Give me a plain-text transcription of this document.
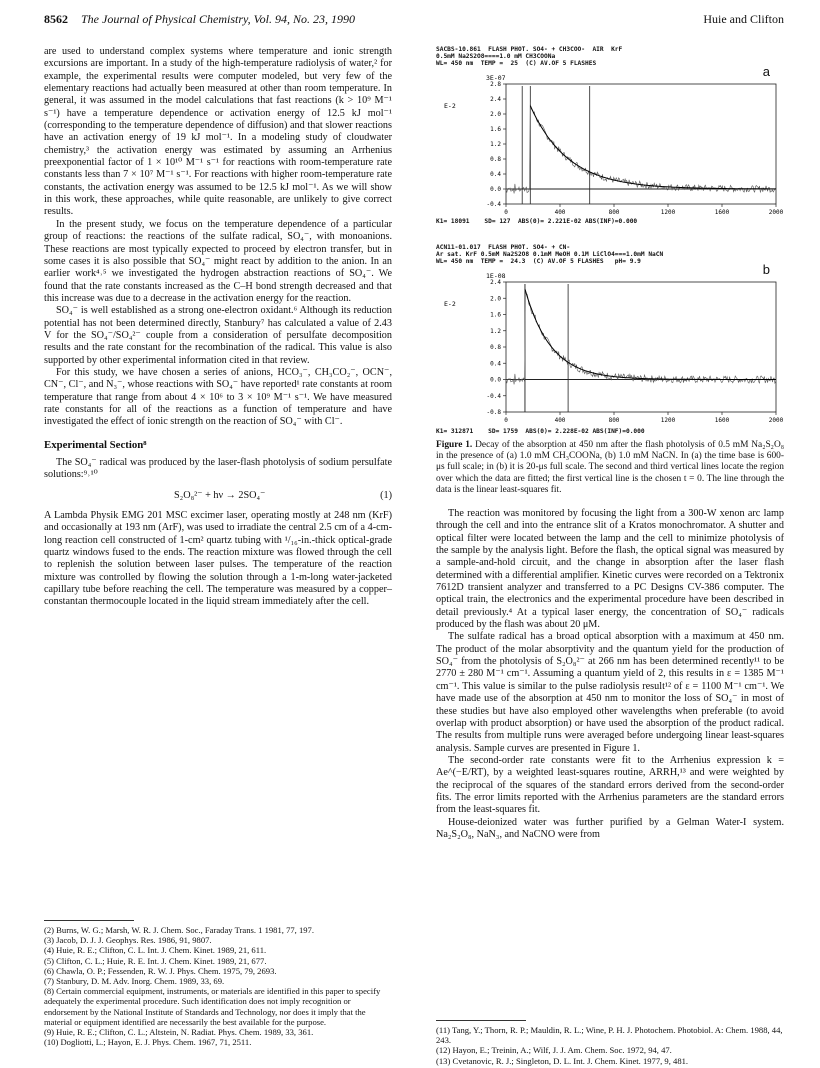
8562 The Journal of Physical Chemistry, Vol. 94, No. 23, 1990	Huie and Clifton

are used to understand complex systems where temperature and ionic strength excursions are important. In a study of the high-temperature radiolysis of water,² for example, the experimental results were computer modeled, but very few of the elementary reactions had actually been measured at other than room temperature. In general, it was assumed in the model calculations that fast reactions (k > 10⁹ M⁻¹ s⁻¹) have a temperature dependence or activation energy of 12.5 kJ mol⁻¹ (corresponding to the temperature dependence of diffusion) and that slower reactions have an activation energy of 19 kJ mol⁻¹. In a modeling study of cloudwater chemistry,³ the activation energy was estimated by assuming an Arrhenius preexponential factor of 1 × 10¹⁰ M⁻¹ s⁻¹ for reactions with room-temperature rate constants less than 7 × 10⁷ M⁻¹ s⁻¹. For reactions with higher room-temperature rate constants, the activation energy was assumed to be 12.5 kJ mol⁻¹. As we will show in this work, these approaches, while quite reasonable, are unlikely to give correct results.

In the present study, we focus on the temperature dependence of a particular group of reactions: the reactions of the sulfate radical, SO₄⁻, with monoanions. These reactions are most typically expected to proceed by electron transfer, but in some cases it is also possible that SO₄⁻ might react by addition to the anion. In an earlier work⁴˒⁵ we investigated the hydrogen abstraction reactions of SO₄⁻. We found that the rate constants increased as the C–H bond strength decreased and that this increase was due to a decrease in the activation energy for the reaction.

SO₄⁻ is well established as a strong one-electron oxidant.⁶ Although its reduction potential has not been determined directly, Stanbury⁷ has calculated a value of 2.43 V for the SO₄⁻/SO₄²⁻ couple from a consideration of persulfate decomposition results and the rate constant for the recombination of the radical. This value is also supported by other experimental information cited in that review.

For this study, we have chosen a series of anions, HCO₃⁻, CH₃CO₂⁻, OCN⁻, CN⁻, Cl⁻, and N₃⁻, whose reactions with SO₄⁻ have reported¹ rate constants at room temperature that range from about 4 × 10⁶ to 3 × 10⁹ M⁻¹ s⁻¹. We have measured rate constants for all of the reactions as a function of temperature and have investigated the effect of ionic strength on the reaction of SO₄⁻ with Cl⁻.

Experimental Section⁸

The SO₄⁻ radical was produced by the laser-flash photolysis of sodium persulfate solutions:⁹˒¹⁰

S₂O₈²⁻ + hν → 2SO₄⁻	(1)

A Lambda Physik EMG 201 MSC excimer laser, operating mostly at 248 nm (KrF) and occasionally at 193 nm (ArF), was used to irradiate the central 2.5 cm of a 4-cm-long reaction cell constructed of 1-cm² quartz tubing with ¹/₁₆-in.-thick optical-grade quartz windows fused to the ends. The reaction mixture was flowed through the cell to replenish the solution between laser pulses. The temperature of the reaction mixture was controlled by flowing the solution through a 1-m-long water-jacketed capillary tube before reaching the cell. The temperature was measured by a copper–constantan thermocouple located in the liquid stream immediately after the cell.

(2) Burns, W. G.; Marsh, W. R. J. Chem. Soc., Faraday Trans. 1 1981, 77, 197.
(3) Jacob, D. J. J. Geophys. Res. 1986, 91, 9807.
(4) Huie, R. E.; Clifton, C. L. Int. J. Chem. Kinet. 1989, 21, 611.
(5) Clifton, C. L.; Huie, R. E. Int. J. Chem. Kinet. 1989, 21, 677.
(6) Chawla, O. P.; Fessenden, R. W. J. Phys. Chem. 1975, 79, 2693.
(7) Stanbury, D. M. Adv. Inorg. Chem. 1989, 33, 69.
(8) Certain commercial equipment, instruments, or materials are identified in this paper to specify adequately the experimental procedure. Such identification does not imply recognition or endorsement by the National Institute of Standards and Technology, nor does it imply that the material or equipment identified are necessarily the best available for the purpose.
(9) Huie, R. E.; Clifton, C. L.; Altstein, N. Radiat. Phys. Chem. 1989, 33, 361.
(10) Dogliotti, L.; Hayon, E. J. Phys. Chem. 1967, 71, 2511.
SACBS-10.861  FLASH PHOT. SO4- + CH3COO-  AIR  KrF
0.5mM Na2S2O8====1.0 mM CH3COONa
WL= 450 nm  TEMP =  25  (C) AV.OF 5 FLASHES
a
3E-07
E-2
2.8
2.4
2.0
1.6
1.2
0.8
0.4
0.0
-0.4
0	400	800	1200	1600	2000
K1= 18091    SD= 127  ABS(0)= 2.221E-02 ABS(INF)=0.000
ACN11-01.017  FLASH PHOT. SO4- + CN-
Ar sat. KrF 0.5mM Na2S2O8 0.1mM MeOH 0.1M LiClO4===1.0mM NaCN
WL= 450 nm  TEMP =  24.3  (C) AV.OF 5 FLASHES   pH= 9.9
b
1E-08
E-2
2.4
2.0
1.6
1.2
0.8
0.4
0.0
-0.4
-0.8
0	400	800	1200	1600	2000
K1= 312871    SD= 1759  ABS(0)= 2.228E-02 ABS(INF)=0.000
Figure 1. Decay of the absorption at 450 nm after the flash photolysis of 0.5 mM Na₂S₂O₈ in the presence of (a) 1.0 mM CH₃COONa, (b) 1.0 mM NaCN. In (a) the time base is 600-μs full scale; in (b) it is 20-μs full scale. The second and third vertical lines locate the region over which the data are fitted; the first vertical line is the chosen t = 0. The line through the data is the linear least-squares fit.

The reaction was monitored by focusing the light from a 300-W xenon arc lamp through the cell and into the entrance slit of a Kratos monochromator. A shutter and optical filter were located between the lamp and the cell to minimize photolysis of the sample by the analysis light. Before the flash, the optical signal was measured by a sample-and-hold circuit, and the change in absorption after the laser flash determined with a differential amplifier. Kinetic curves were recorded on a Tektronix 7612D transient analyzer and transferred to a PC Designs CV-386 computer. The optical train, the electronics and the experimental procedure have been described in detail previously.⁴ At a typical laser energy, the concentration of SO₄⁻ radicals produced by the flash was about 20 μM.

The sulfate radical has a broad optical absorption with a maximum at 450 nm. The product of the molar absorptivity and the quantum yield for the production of SO₄⁻ from the photolysis of S₂O₈²⁻ at 266 nm has been determined recently¹¹ to be 2770 ± 280 M⁻¹ cm⁻¹. Assuming a quantum yield of 2, this results in ε = 1385 M⁻¹ cm⁻¹. This value is similar to the pulse radiolysis result¹² of ε = 1100 M⁻¹ cm⁻¹. We have made use of the absorption at 450 nm to monitor the loss of SO₄⁻ in most of these studies but have also employed other wavelengths when preferable (to avoid overlap with product absorption) or have used the absorption of the product radical. The results from multiple runs were averaged before undergoing linear least-squares analysis. Sample curves are presented in Figure 1.

The second-order rate constants were fit to the Arrhenius expression k = Ae^(−E/RT), by a weighted least-squares routine, ARRH,¹³ and were weighted by the reciprocal of the squares of the standard errors derived from the second-order fits. The error limits reported with the Arrhenius parameters are the standard errors from the least-squares fit.

House-deionized water was further purified by a Gelman Water-I system. Na₂S₂O₈, NaN₃, and NaCNO were from

(11) Tang, Y.; Thorn, R. P.; Mauldin, R. L.; Wine, P. H. J. Photochem. Photobiol. A: Chem. 1988, 44, 243.
(12) Hayon, E.; Treinin, A.; Wilf, J. J. Am. Chem. Soc. 1972, 94, 47.
(13) Cvetanovic, R. J.; Singleton, D. L. Int. J. Chem. Kinet. 1977, 9, 481.
